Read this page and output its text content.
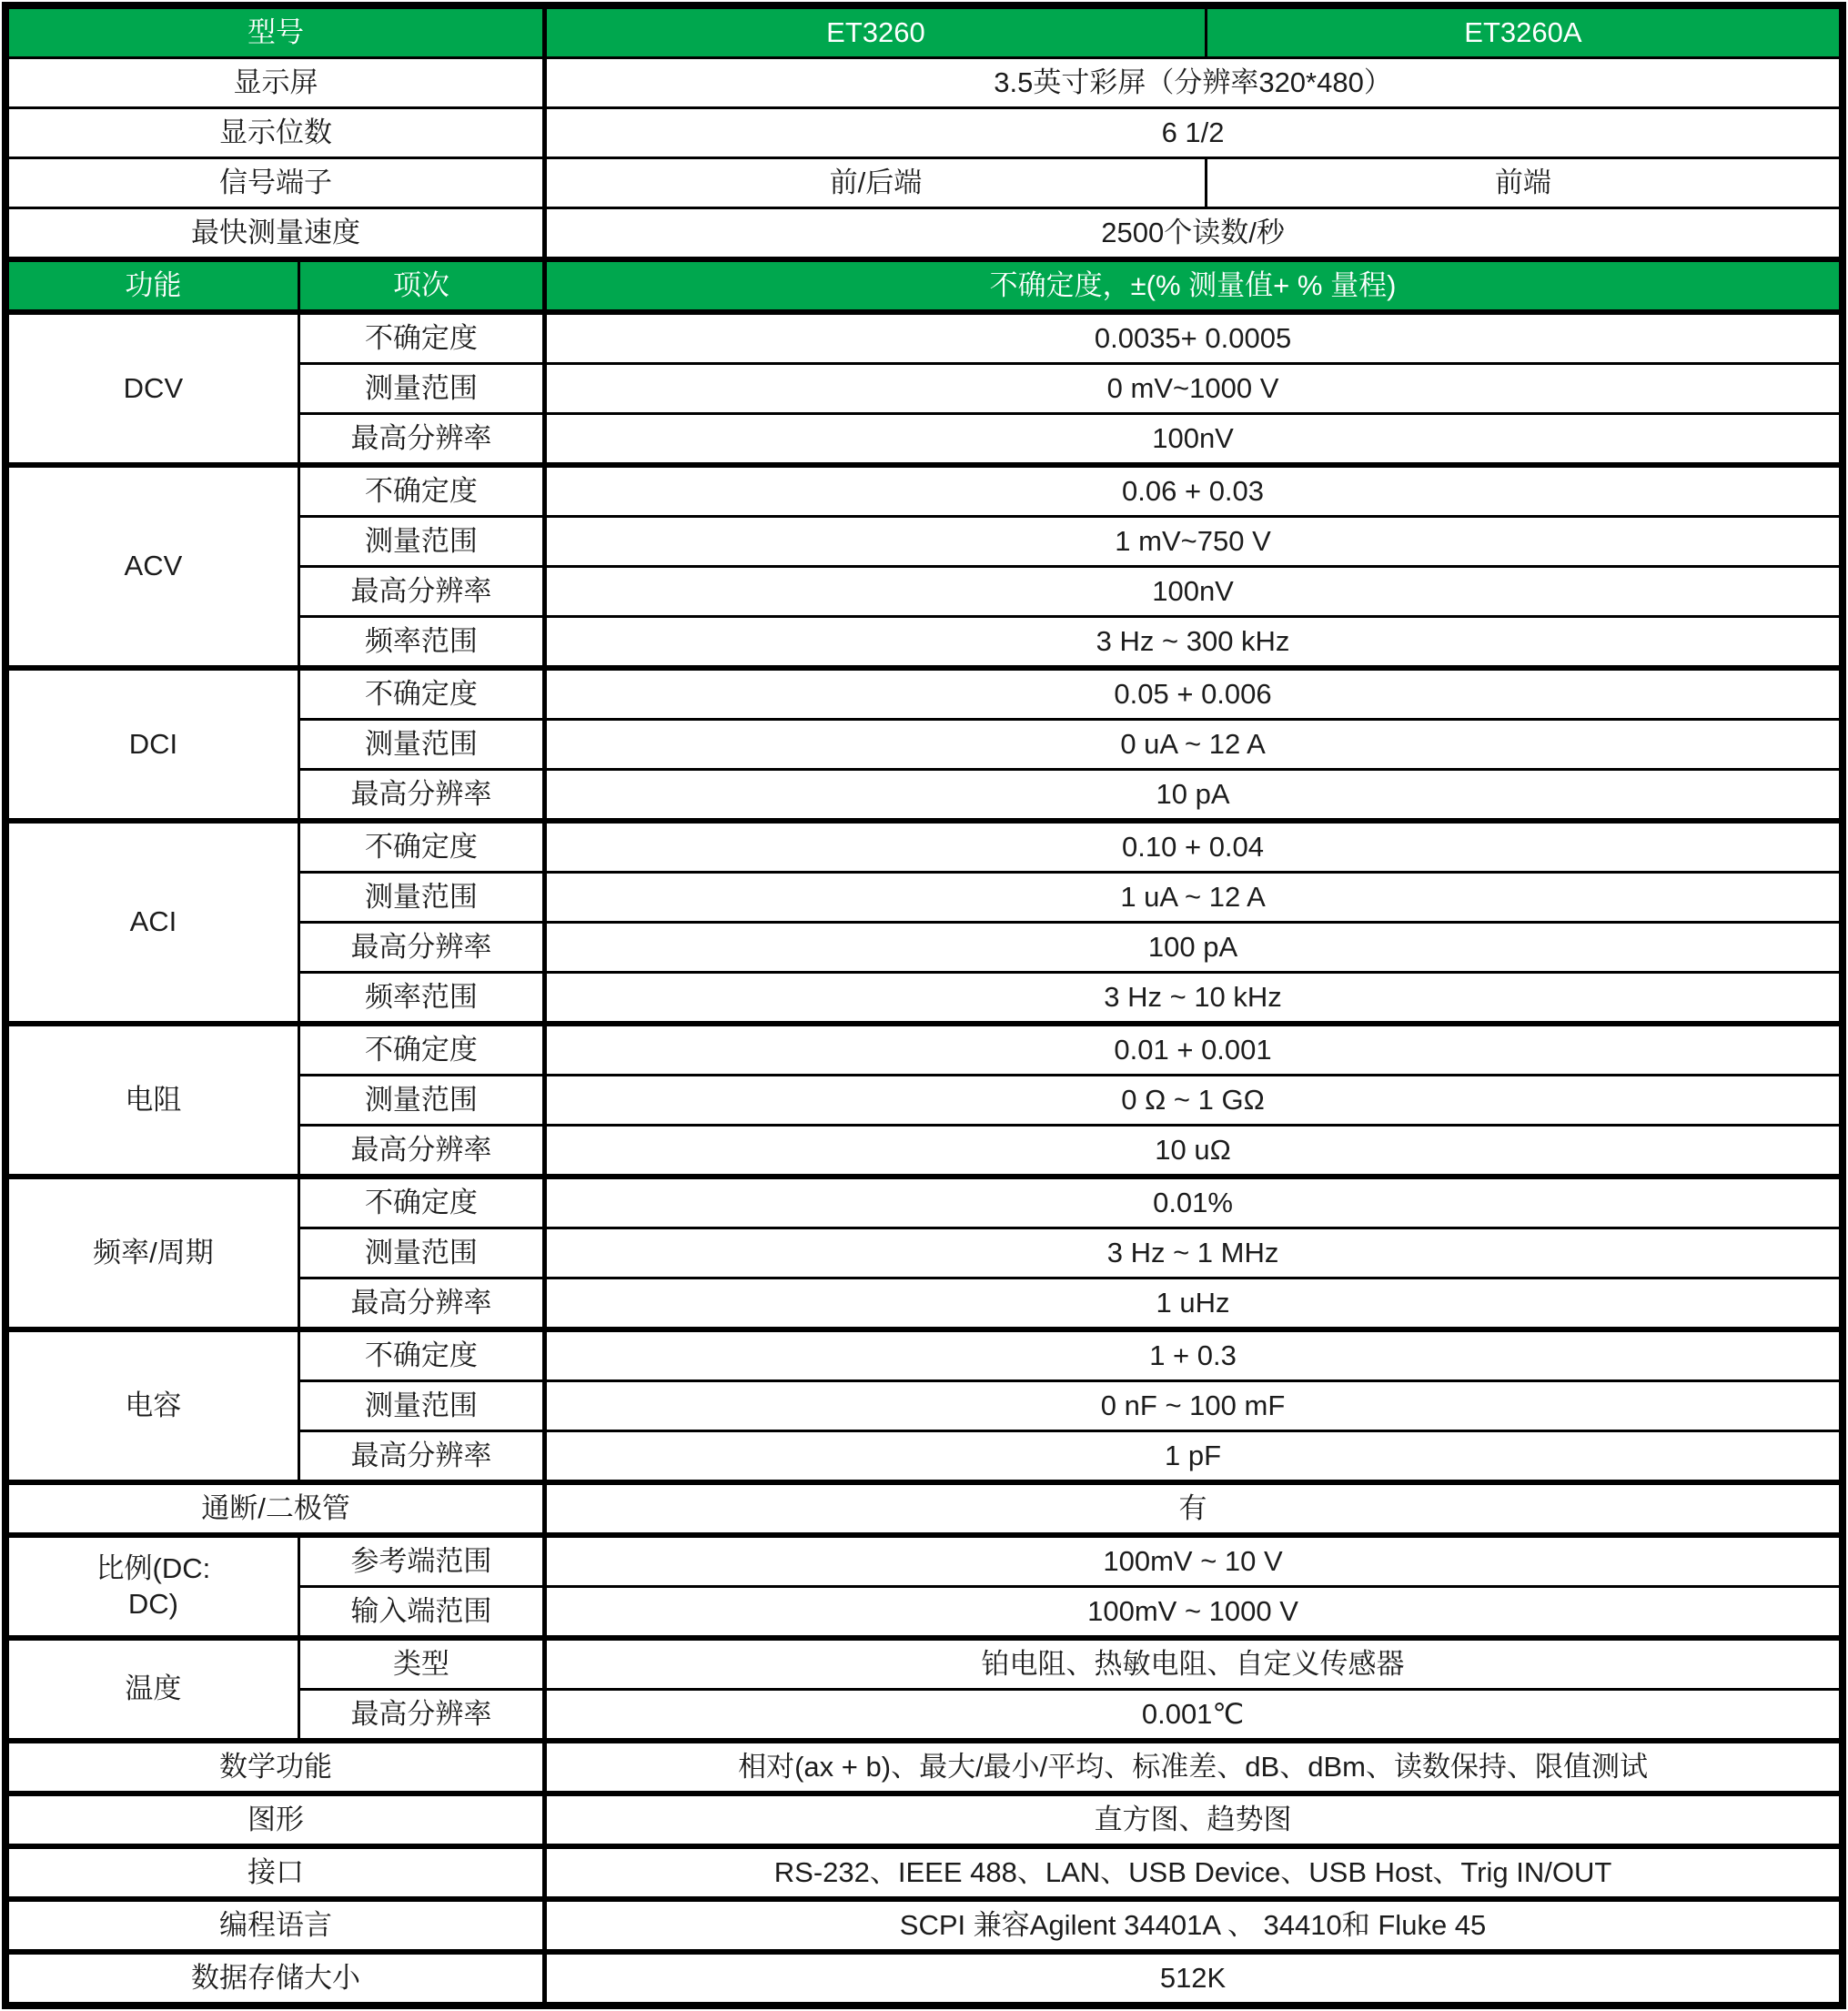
型号		ET3260	ET3260A
显示屏		3.5英寸彩屏（分辨率320*480）	
显示位数		6 1/2	
信号端子		前/后端	前端
最快测量速度		2500个读数/秒	
功能	项次	不确定度，±(% 测量值+ % 量程)	
DCV	不确定度	0.0035+ 0.0005	
	测量范围	0 mV~1000 V	
	最高分辨率	100nV	
ACV	不确定度	0.06 + 0.03	
	测量范围	1 mV~750 V	
	最高分辨率	100nV	
	频率范围	3 Hz ~ 300 kHz	
DCI	不确定度	0.05 + 0.006	
	测量范围	0 uA ~ 12 A	
	最高分辨率	10 pA	
ACI	不确定度	0.10 + 0.04	
	测量范围	1 uA ~ 12 A	
	最高分辨率	100 pA	
	频率范围	3 Hz ~ 10 kHz	
电阻	不确定度	0.01 + 0.001	
	测量范围	0 Ω ~ 1 GΩ	
	最高分辨率	10 uΩ	
频率/周期	不确定度	0.01%	
	测量范围	3 Hz ~ 1 MHz	
	最高分辨率	1 uHz	
电容	不确定度	1 + 0.3	
	测量范围	0 nF ~ 100 mF	
	最高分辨率	1 pF	
通断/二极管		有	
比例(DC: DC)	参考端范围	100mV ~ 10 V	
	输入端范围	100mV ~ 1000 V	
温度	类型	铂电阻、热敏电阻、自定义传感器	
	最高分辨率	0.001℃	
数学功能		相对(ax + b)、最大/最小/平均、标准差、dB、dBm、读数保持、限值测试	
图形		直方图、趋势图	
接口		RS-232、IEEE 488、LAN、USB Device、USB Host、Trig IN/OUT	
编程语言		SCPI 兼容Agilent 34401A 、 34410和 Fluke 45	
数据存储大小		512K	
